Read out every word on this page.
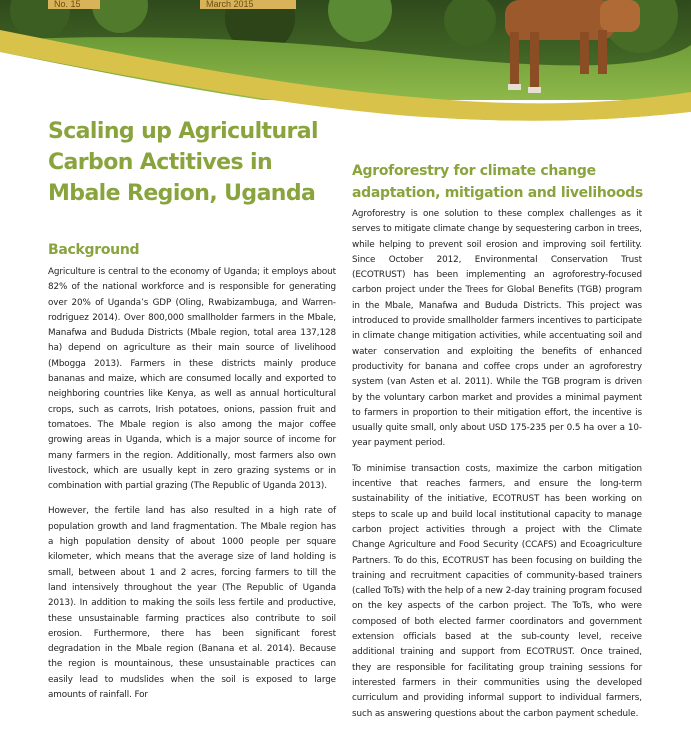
No. 15	March 2015
Scaling up Agricultural Carbon Actitives in Mbale Region, Uganda
Background

Agriculture is central to the economy of Uganda; it employs about 82% of the national workforce and is responsible for generating over 20% of Uganda’s GDP (Oling, Rwabizambuga, and Warren-rodriguez 2014). Over 800,000 smallholder farmers in the Mbale, Manafwa and Bududa Districts (Mbale region, total area 137,128 ha) depend on agriculture as their main source of livelihood (Mbogga 2013). Farmers in these districts mainly produce bananas and maize, which are consumed locally and exported to neighboring countries like Kenya, as well as annual horticultural crops, such as carrots, Irish potatoes, onions, passion fruit and tomatoes. The Mbale region is also among the major coffee growing areas in Uganda, which is a major source of income for many farmers in the region. Additionally, most farmers also own livestock, which are usually kept in zero grazing systems or in combination with partial grazing (The Republic of Uganda 2013).

However, the fertile land has also resulted in a high rate of population growth and land fragmentation. The Mbale region has a high population density of about 1000 people per square kilometer, which means that the average size of land holding is small, between about 1 and 2 acres, forcing farmers to till the land intensively throughout the year (The Republic of Uganda 2013). In addition to making the soils less fertile and productive, these unsustainable farming practices also contribute to soil erosion. Furthermore, there has been significant forest degradation in the Mbale region (Banana et al. 2014). Because the region is mountainous, these unsustainable practices can easily lead to mudslides when the soil is exposed to large amounts of rainfall. For

Agroforestry for climate change adaptation, mitigation and livelihoods

Agroforestry is one solution to these complex challenges as it serves to mitigate climate change by sequestering carbon in trees, while helping to prevent soil erosion and improving soil fertility. Since October 2012, Environmental Conservation Trust (ECOTRUST) has been implementing an agroforestry-focused carbon project under the Trees for Global Benefits (TGB) program in the Mbale, Manafwa and Bududa Districts. This project was introduced to provide smallholder farmers incentives to participate in climate change mitigation activities, while accentuating soil and water conservation and exploiting the benefits of enhanced productivity for banana and coffee crops under an agroforestry system (van Asten et al. 2011). While the TGB program is driven by the voluntary carbon market and provides a minimal payment to farmers in proportion to their mitigation effort, the incentive is usually quite small, only about USD 175-235 per 0.5 ha over a 10-year payment period.

To minimise transaction costs, maximize the carbon mitigation incentive that reaches farmers, and ensure the long-term sustainability of the initiative, ECOTRUST has been working on steps to scale up and build local institutional capacity to manage carbon project activities through a project with the Climate Change Agriculture and Food Security (CCAFS) and Ecoagriculture Partners. To do this, ECOTRUST has been focusing on building the training and recruitment capacities of community-based trainers (called ToTs) with the help of a new 2-day training program focused on the key aspects of the carbon project. The ToTs, who were composed of both elected farmer coordinators and government extension officials based at the sub-county level, receive additional training and support from ECOTRUST. Once trained, they are responsible for facilitating group training sessions for interested farmers in their communities using the developed curriculum and providing informal support to individual farmers, such as answering questions about the carbon payment schedule.
